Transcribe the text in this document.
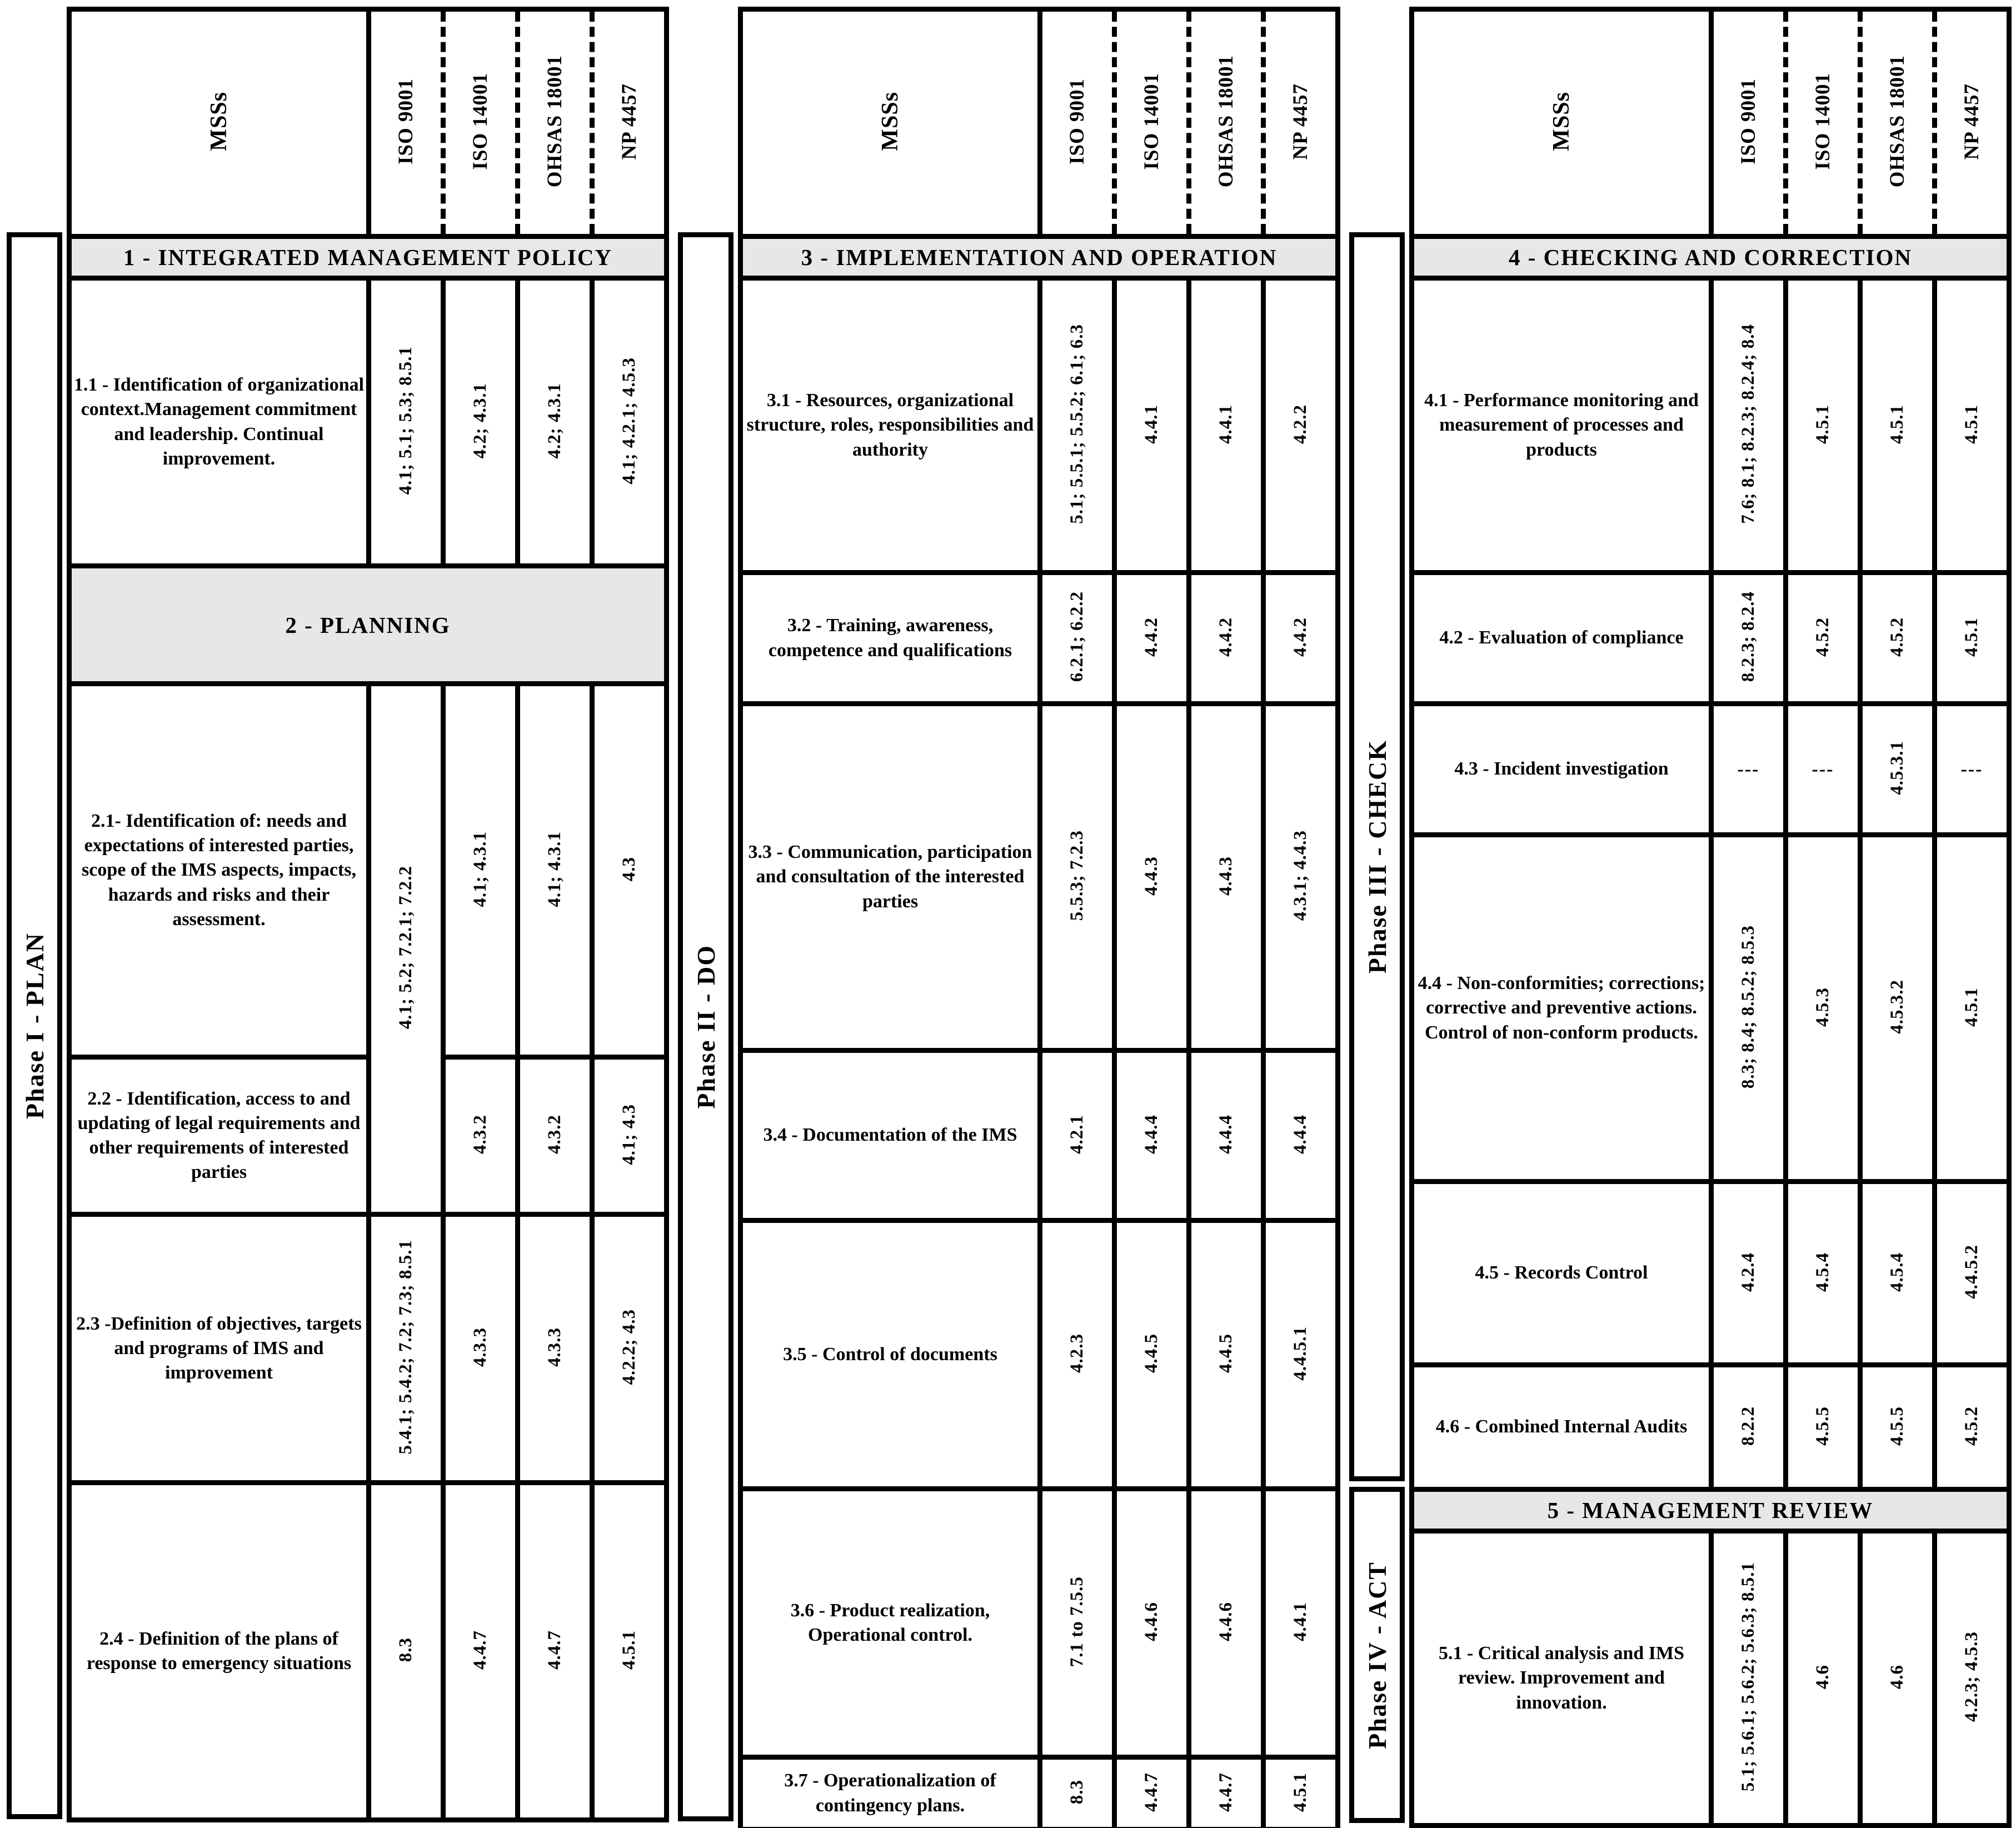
Phase I - PLAN
MSSs	ISO 9001	ISO 14001	OHSAS 18001	NP 4457
1 - INTEGRATED MANAGEMENT POLICY				
1.1 - Identification of organizational context.Management commitment and leadership. Continual improvement.	4.1; 5.1; 5.3; 8.5.1	4.2; 4.3.1	4.2; 4.3.1	4.1; 4.2.1; 4.5.3
2 - PLANNING				
2.1- Identification of: needs and expectations of interested parties, scope of the IMS aspects, impacts, hazards and risks and their assessment.	4.1; 5.2; 7.2.1; 7.2.2	4.1; 4.3.1	4.1; 4.3.1	4.3
2.2 - Identification, access to and updating of legal requirements and other requirements of interested parties		4.3.2	4.3.2	4.1; 4.3
2.3 -Definition of objectives, targets and programs of IMS and improvement	5.4.1; 5.4.2; 7.2; 7.3; 8.5.1	4.3.3	4.3.3	4.2.2; 4.3
2.4 - Definition of the plans of response to emergency situations	8.3	4.4.7	4.4.7	4.5.1
Phase II - DO
MSSs	ISO 9001	ISO 14001	OHSAS 18001	NP 4457
3 - IMPLEMENTATION AND OPERATION				
3.1 - Resources, organizational structure, roles, responsibilities and authority	5.1; 5.5.1; 5.5.2; 6.1; 6.3	4.4.1	4.4.1	4.2.2
3.2 - Training, awareness, competence and qualifications	6.2.1; 6.2.2	4.4.2	4.4.2	4.4.2
3.3 - Communication, participation and consultation of the interested parties	5.5.3; 7.2.3	4.4.3	4.4.3	4.3.1; 4.4.3
3.4 - Documentation of the IMS	4.2.1	4.4.4	4.4.4	4.4.4
3.5 - Control of documents	4.2.3	4.4.5	4.4.5	4.4.5.1
3.6 - Product realization, Operational control.	7.1 to 7.5.5	4.4.6	4.4.6	4.4.1
3.7 - Operationalization of contingency plans.	8.3	4.4.7	4.4.7	4.5.1
Phase III - CHECK
Phase IV - ACT
MSSs	ISO 9001	ISO 14001	OHSAS 18001	NP 4457
4 - CHECKING AND CORRECTION				
4.1 - Performance monitoring and measurement of processes and products	7.6; 8.1; 8.2.3; 8.2.4; 8.4	4.5.1	4.5.1	4.5.1
4.2 - Evaluation of compliance	8.2.3; 8.2.4	4.5.2	4.5.2	4.5.1
4.3 - Incident investigation	---	---	4.5.3.1	---
4.4 - Non-conformities; corrections; corrective and preventive actions. Control of non-conform products.	8.3; 8.4; 8.5.2; 8.5.3	4.5.3	4.5.3.2	4.5.1
4.5 - Records Control	4.2.4	4.5.4	4.5.4	4.4.5.2
4.6 - Combined Internal Audits	8.2.2	4.5.5	4.5.5	4.5.2
5 - MANAGEMENT REVIEW				
5.1 - Critical analysis and IMS review. Improvement and innovation.	5.1; 5.6.1; 5.6.2; 5.6.3; 8.5.1	4.6	4.6	4.2.3; 4.5.3
